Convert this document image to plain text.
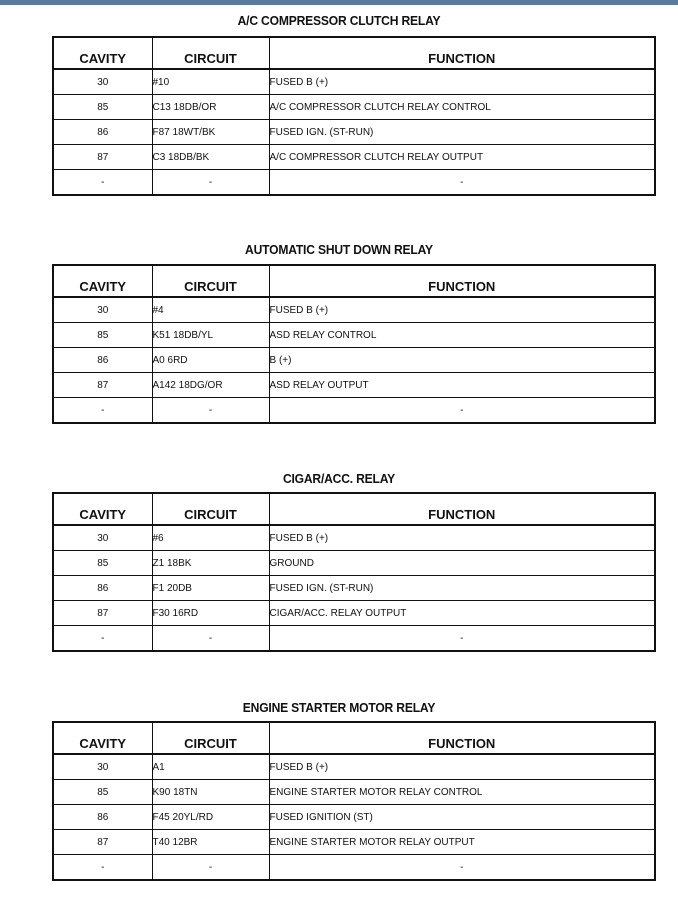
A/C COMPRESSOR CLUTCH RELAY
CAVITY	CIRCUIT	FUNCTION
30	#10	FUSED B (+)
85	C13 18DB/OR	A/C COMPRESSOR CLUTCH RELAY CONTROL
86	F87 18WT/BK	FUSED IGN. (ST-RUN)
87	C3 18DB/BK	A/C COMPRESSOR CLUTCH RELAY OUTPUT
-	-	-
AUTOMATIC SHUT DOWN RELAY
CAVITY	CIRCUIT	FUNCTION
30	#4	FUSED B (+)
85	K51 18DB/YL	ASD RELAY CONTROL
86	A0 6RD	B (+)
87	A142 18DG/OR	ASD RELAY OUTPUT
-	-	-
CIGAR/ACC. RELAY
CAVITY	CIRCUIT	FUNCTION
30	#6	FUSED B (+)
85	Z1 18BK	GROUND
86	F1 20DB	FUSED IGN. (ST-RUN)
87	F30 16RD	CIGAR/ACC. RELAY OUTPUT
-	-	-
ENGINE STARTER MOTOR RELAY
CAVITY	CIRCUIT	FUNCTION
30	A1	FUSED B (+)
85	K90 18TN	ENGINE STARTER MOTOR RELAY CONTROL
86	F45 20YL/RD	FUSED IGNITION (ST)
87	T40 12BR	ENGINE STARTER MOTOR RELAY OUTPUT
-	-	-
